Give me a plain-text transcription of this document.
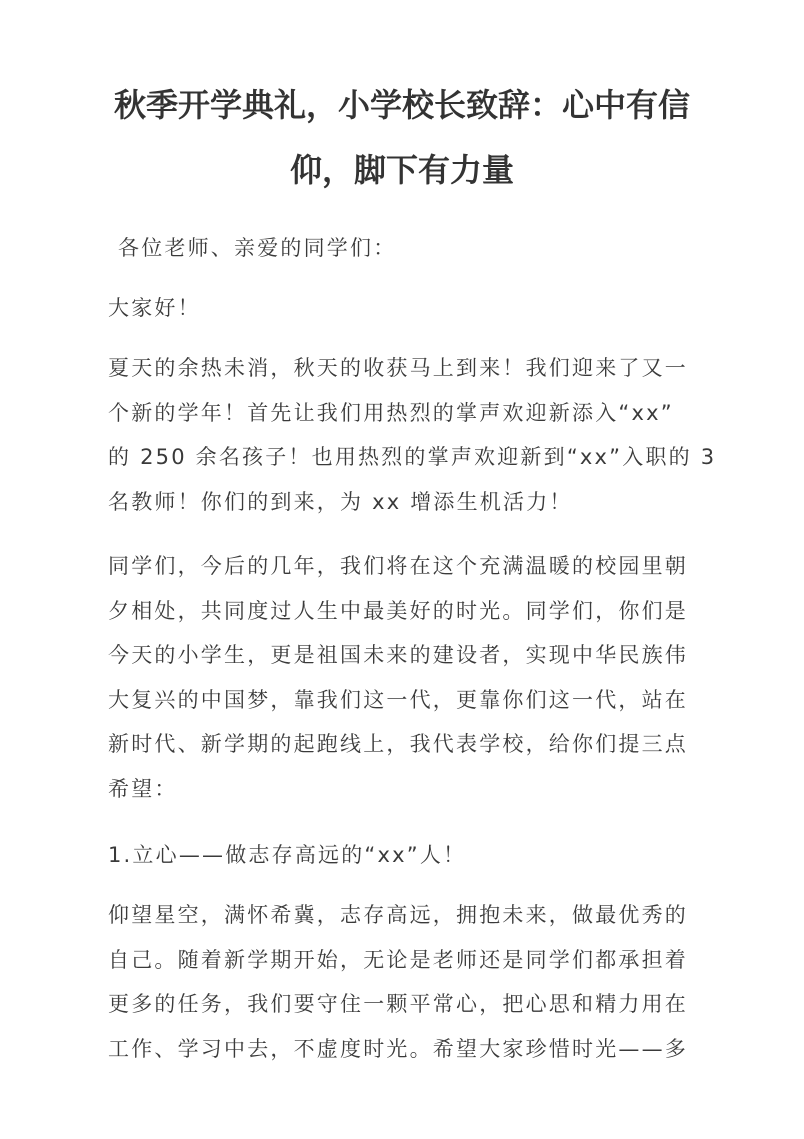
秋季开学典礼，小学校长致辞：心中有信
仰，脚下有力量

各位老师、亲爱的同学们：

大家好！

夏天的余热未消，秋天的收获马上到来！我们迎来了又一
个新的学年！首先让我们用热烈的掌声欢迎新添入“xx”
的 250 余名孩子！也用热烈的掌声欢迎新到“xx”入职的 3
名教师！你们的到来，为 xx 增添生机活力！

同学们，今后的几年，我们将在这个充满温暖的校园里朝
夕相处，共同度过人生中最美好的时光。同学们，你们是
今天的小学生，更是祖国未来的建设者，实现中华民族伟
大复兴的中国梦，靠我们这一代，更靠你们这一代，站在
新时代、新学期的起跑线上，我代表学校，给你们提三点
希望：

1.立心——做志存高远的“xx”人！

仰望星空，满怀希冀，志存高远，拥抱未来，做最优秀的
自己。随着新学期开始，无论是老师还是同学们都承担着
更多的任务，我们要守住一颗平常心，把心思和精力用在
工作、学习中去，不虚度时光。希望大家珍惜时光——多
